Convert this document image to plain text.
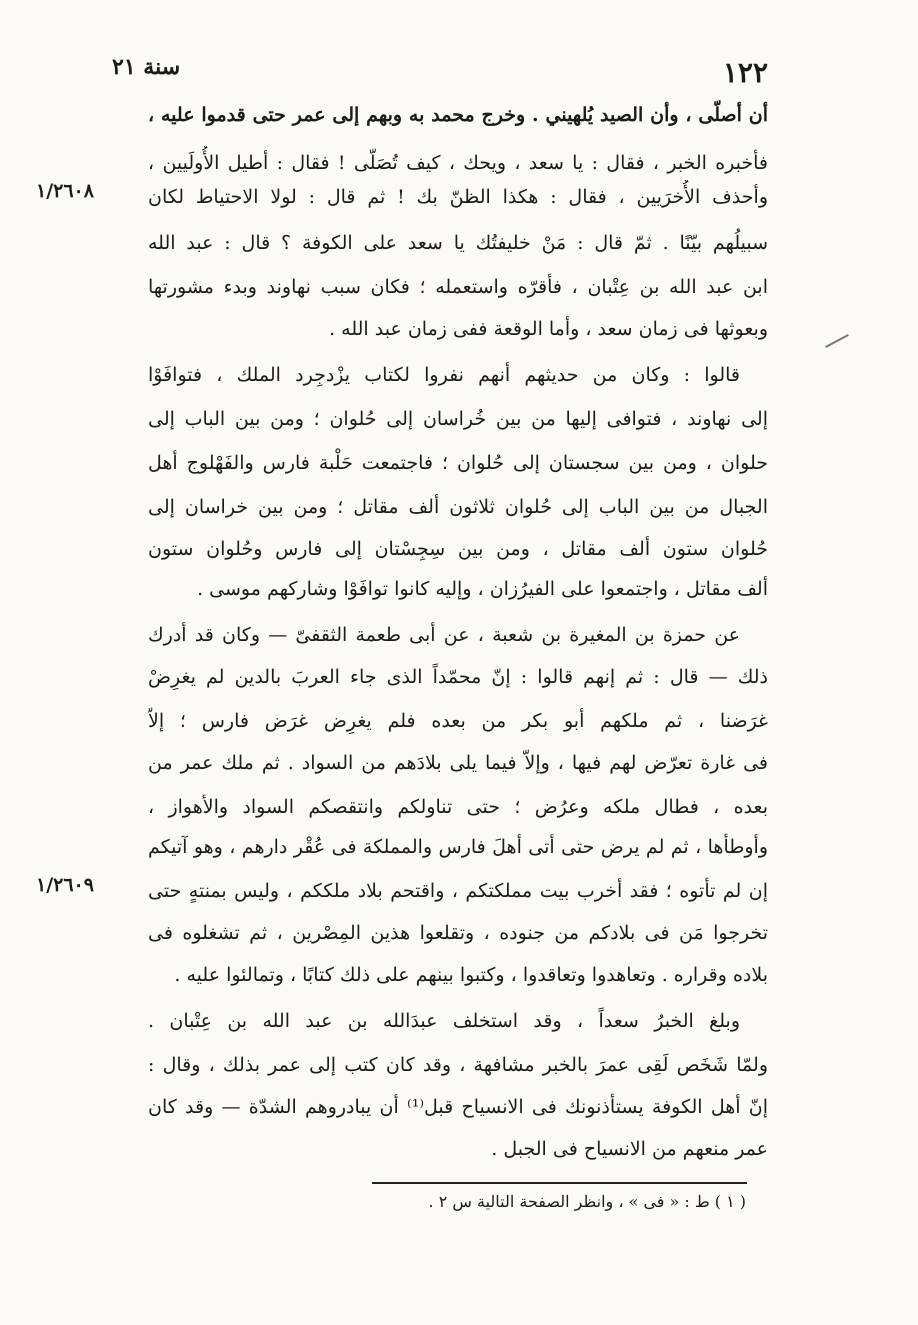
١٢٢
سنة ٢١
١/٢٦٠٨
١/٢٦٠٩
أن أصلّى ، وأن الصيد يُلهيني . وخرج محمد به وبهم إلى عمر حتى قدموا عليه ،
فأخبره الخبر ، فقال : يا سعد ، ويحك ، كيف تُصَلّى ! فقال : أطيل الأُولَيين ،
وأحذف الأُخرَيين ، فقال : هكذا الظنّ بك ! ثم قال : لولا الاحتياط لكان
سبيلُهم بيّنًا . ثمّ قال : مَنْ خليفتُك يا سعد على الكوفة ؟ قال : عبد الله
ابن عبد الله بن عِتْبان ، فأقرّه واستعمله ؛ فكان سبب نهاوند وبدء مشورتها
وبعوثها فى زمان سعد ، وأما الوقعة ففى زمان عبد الله .
قالوا : وكان من حديثهم أنهم نفروا لكتاب يزْدجِرد الملك ، فتوافَوْا
إلى نهاوند ، فتوافى إليها من بين خُراسان إلى حُلوان ؛ ومن بين الباب إلى
حلوان ، ومن بين سجستان إلى حُلوان ؛ فاجتمعت حَلْبة فارس والفَهْلوج أهل
الجبال من بين الباب إلى حُلوان ثلاثون ألف مقاتل ؛ ومن بين خراسان إلى
حُلوان ستون ألف مقاتل ، ومن بين سِجِسْتان إلى فارس وحُلوان ستون
ألف مقاتل ، واجتمعوا على الفيرُزان ، وإليه كانوا توافَوْا وشاركهم موسى .
عن حمزة بن المغيرة بن شعبة ، عن أبى طعمة الثقفىّ — وكان قد أدرك
ذلك — قال : ثم إنهم قالوا : إنّ محمّداً الذى جاء العربَ بالدين لم يغرِضْ
غرَضنا ، ثم ملكهم أبو بكر من بعده فلم يغرِض غرَض فارس ؛ إلاّ
فى غارة تعرّض لهم فيها ، وإلاّ فيما يلى بلادَهم من السواد . ثم ملك عمر من
بعده ، فطال ملكه وعرُض ؛ حتى تناولكم وانتقصكم السواد والأهواز ،
وأوطأها ، ثم لم يرض حتى أتى أهلَ فارس والمملكة فى عُقْر دارهم ، وهو آتيكم
إن لم تأتوه ؛ فقد أخرب بيت مملكتكم ، واقتحم بلاد ملككم ، وليس بمنتهٍ حتى
تخرجوا مَن فى بلادكم من جنوده ، وتقلعوا هذين المِصْرين ، ثم تشغلوه فى
بلاده وقراره . وتعاهدوا وتعاقدوا ، وكتبوا بينهم على ذلك كتابًا ، وتمالئوا عليه .
وبلغ الخبرُ سعداً ، وقد استخلف عبدَالله بن عبد الله بن عِتْبان .
ولمّا شَخَص لَقِى عمرَ بالخبر مشافهة ، وقد كان كتب إلى عمر بذلك ، وقال :
إنّ أهل الكوفة يستأذنونك فى الانسياح قبل⁽¹⁾ أن يبادروهم الشدّة — وقد كان
عمر منعهم من الانسياح فى الجبل .
( ١ ) ط : « فى » ، وانظر الصفحة التالية س ٢ .
